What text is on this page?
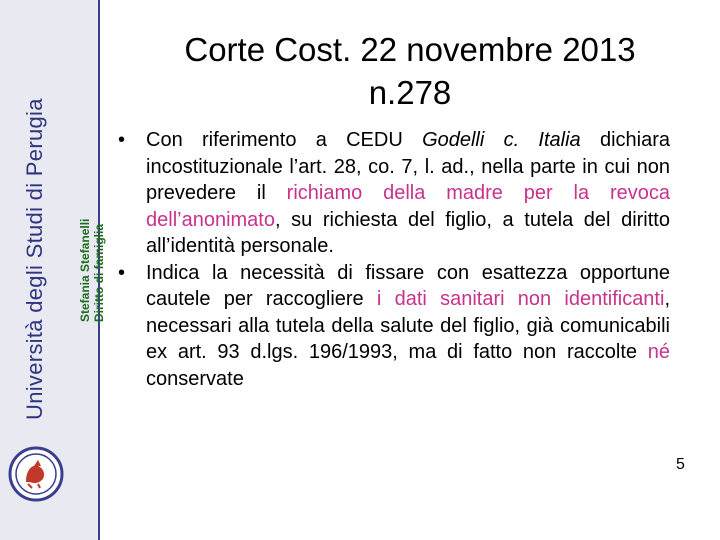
Università degli Studi di Perugia	Stefania Stefanelli Diritto di famiglia
Corte Cost. 22 novembre 2013
n.278
•	Con riferimento a CEDU Godelli c. Italia dichiara incostituzionale l’art. 28, co. 7, l. ad., nella parte in cui non prevedere il richiamo della madre per la revoca dell’anonimato, su richiesta del figlio, a tutela del diritto all’identità personale.
•	Indica la necessità di fissare con esattezza opportune cautele per raccogliere i dati sanitari non identificanti, necessari alla tutela della salute del figlio, già comunicabili ex art. 93 d.lgs. 196/1993, ma di fatto non raccolte né conservate
5
